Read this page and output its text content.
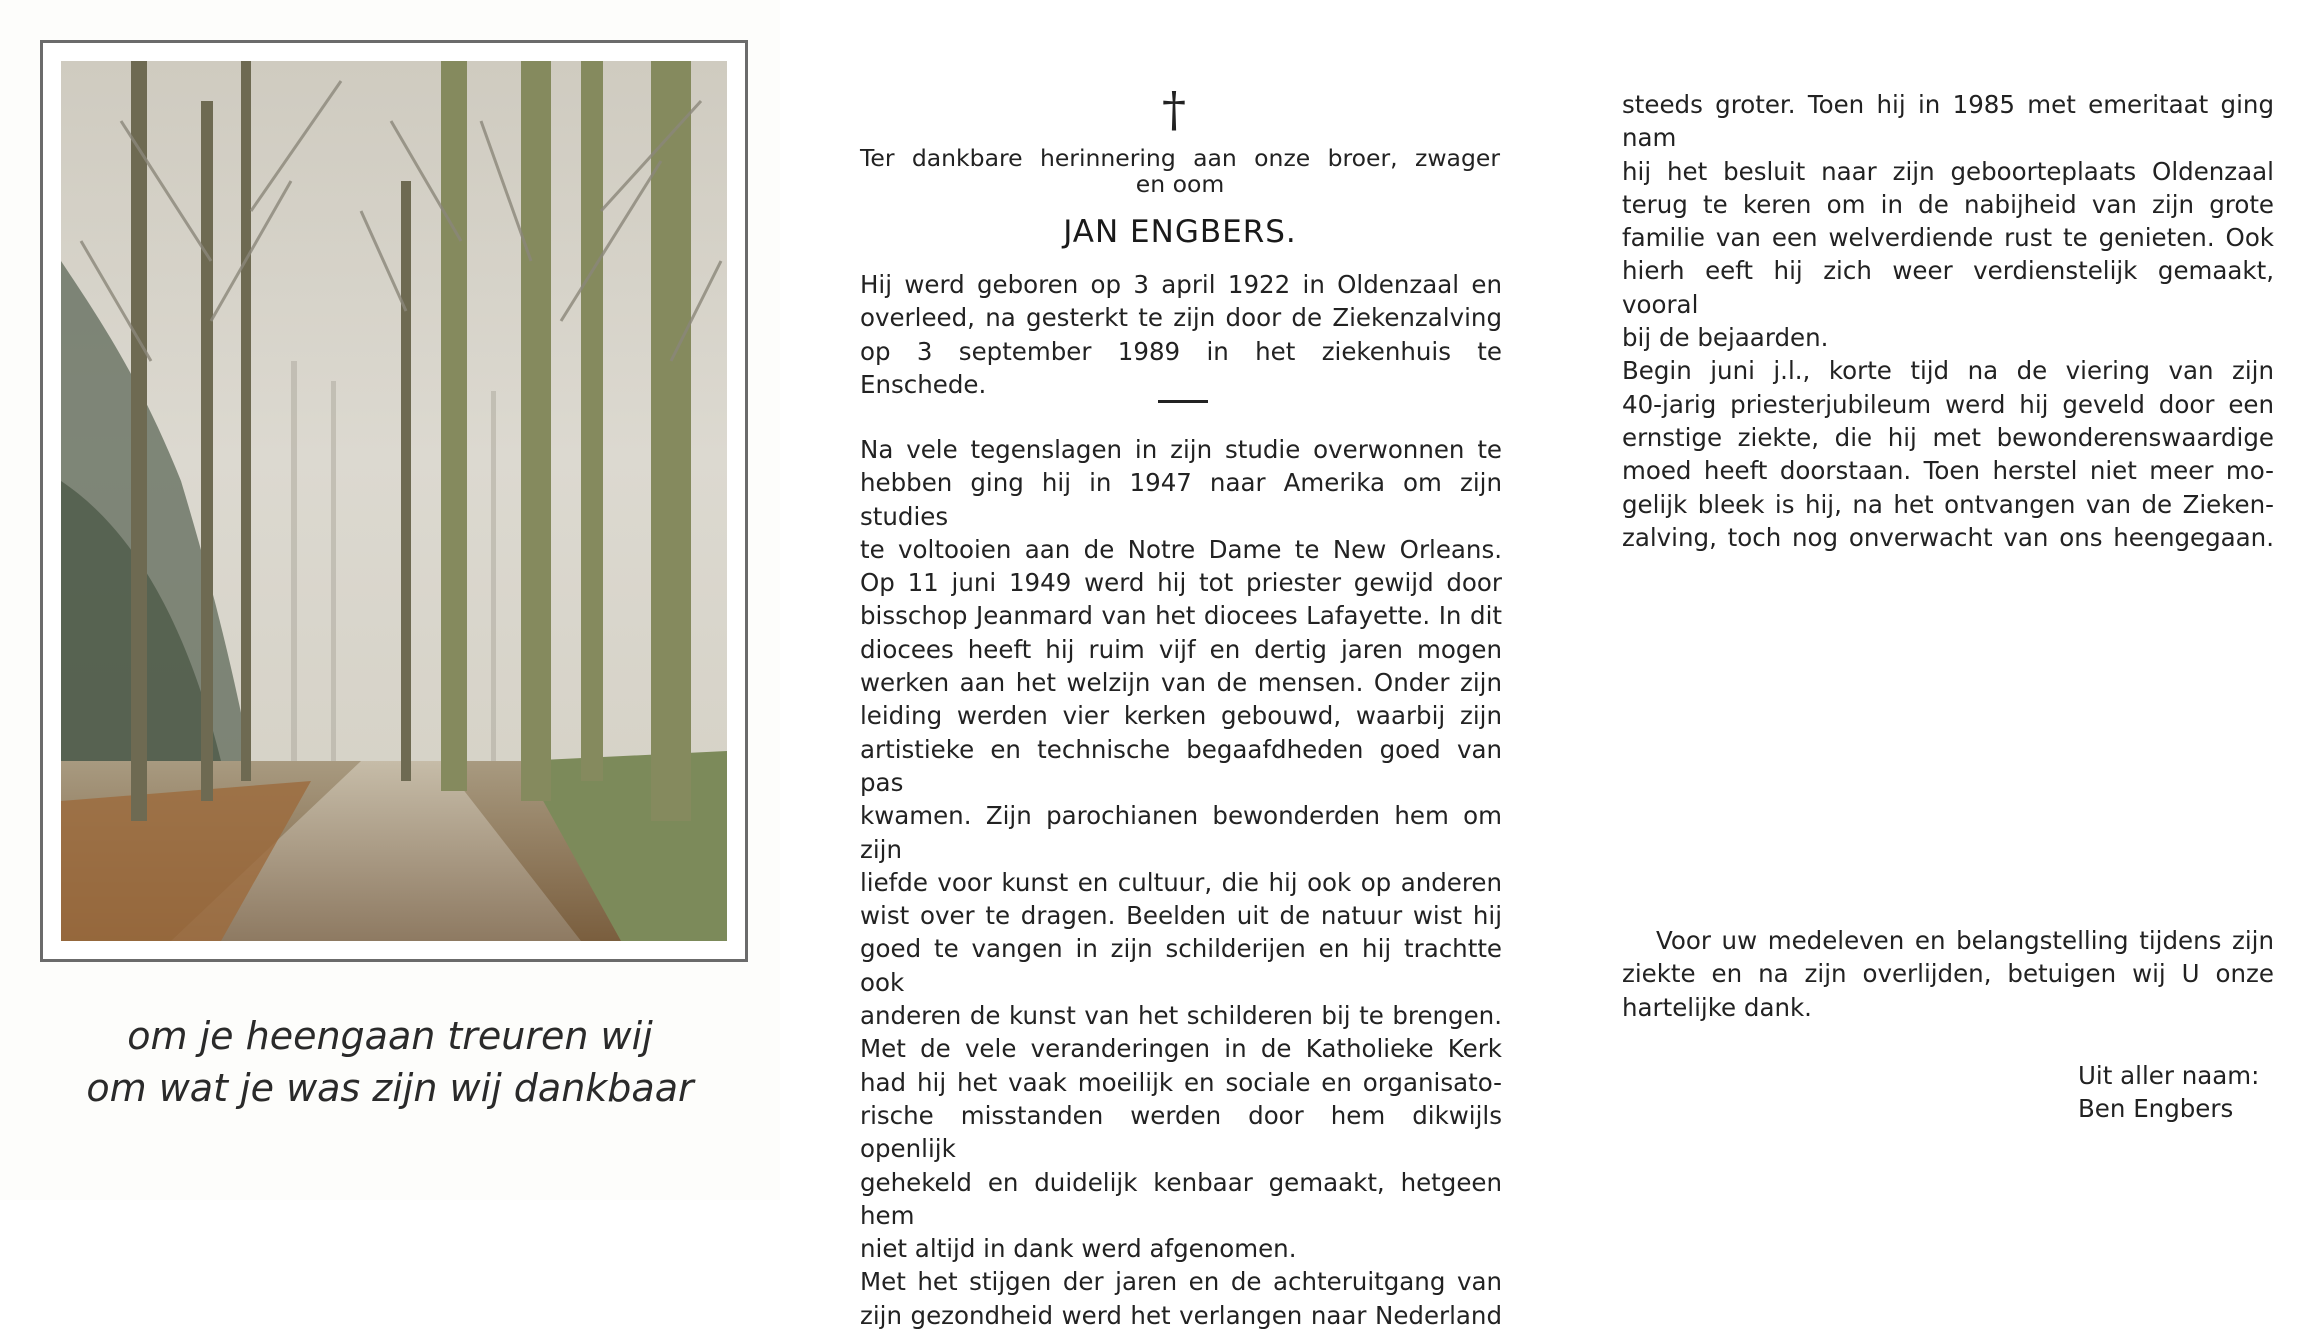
om je heengaan treuren wij
om wat je was zijn wij dankbaar
†

Ter dankbare herinnering aan onze broer, zwager

en oom

JAN ENGBERS.

Hij werd geboren op 3 april 1922 in Oldenzaal en

overleed, na gesterkt te zijn door de Ziekenzalving

op 3 september 1989 in het ziekenhuis te Enschede.

Na vele tegenslagen in zijn studie overwonnen te

hebben ging hij in 1947 naar Amerika om zijn studies

te voltooien aan de Notre Dame te New Orleans.

Op 11 juni 1949 werd hij tot priester gewijd door

bisschop Jeanmard van het diocees Lafayette. In dit

diocees heeft hij ruim vijf en dertig jaren mogen

werken aan het welzijn van de mensen. Onder zijn

leiding werden vier kerken gebouwd, waarbij zijn

artistieke en technische begaafdheden goed van pas

kwamen. Zijn parochianen bewonderden hem om zijn

liefde voor kunst en cultuur, die hij ook op anderen

wist over te dragen. Beelden uit de natuur wist hij

goed te vangen in zijn schilderijen en hij trachtte ook

anderen de kunst van het schilderen bij te brengen.

Met de vele veranderingen in de Katholieke Kerk

had hij het vaak moeilijk en sociale en organisato-

rische misstanden werden door hem dikwijls openlijk

gehekeld en duidelijk kenbaar gemaakt, hetgeen hem

niet altijd in dank werd afgenomen.

Met het stijgen der jaren en de achteruitgang van

zijn gezondheid werd het verlangen naar Nederland

steeds groter. Toen hij in 1985 met emeritaat ging nam

hij het besluit naar zijn geboorteplaats Oldenzaal

terug te keren om in de nabijheid van zijn grote

familie van een welverdiende rust te genieten. Ook

hierh eeft hij zich weer verdienstelijk gemaakt, vooral

bij de bejaarden.

Begin juni j.l., korte tijd na de viering van zijn

40-jarig priesterjubileum werd hij geveld door een

ernstige ziekte, die hij met bewonderenswaardige

moed heeft doorstaan. Toen herstel niet meer mo-

gelijk bleek is hij, na het ontvangen van de Zieken-

zalving, toch nog onverwacht van ons heengegaan.

Voor uw medeleven en belangstelling tijdens zijn

ziekte en na zijn overlijden, betuigen wij U onze

hartelijke dank.

Uit aller naam:

Ben Engbers
